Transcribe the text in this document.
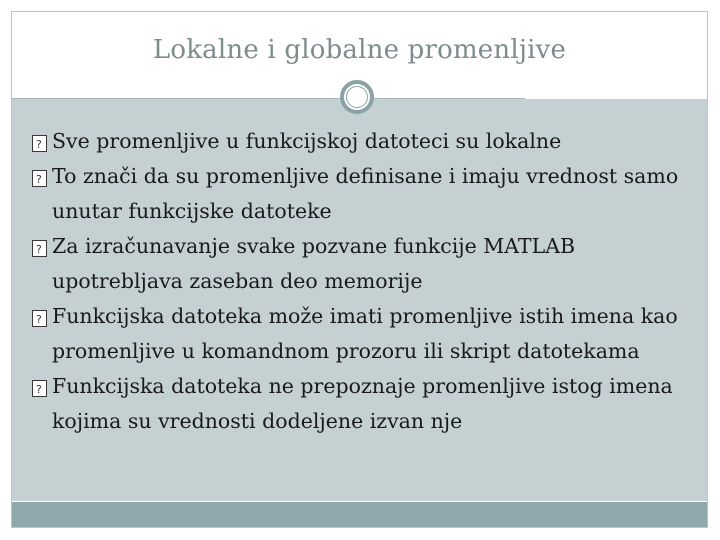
Lokalne i globalne promenljive
?
Sve promenljive u funkcijskoj datoteci su lokalne
?
To znači da su promenljive definisane i imaju vrednost samo unutar funkcijske datoteke
?
Za izračunavanje svake pozvane funkcije MATLAB upotrebljava zaseban deo memorije
?
Funkcijska datoteka može imati promenljive istih imena kao promenljive u komandnom prozoru ili skript datotekama
?
Funkcijska datoteka ne prepoznaje promenljive istog imena kojima su vrednosti dodeljene izvan nje
